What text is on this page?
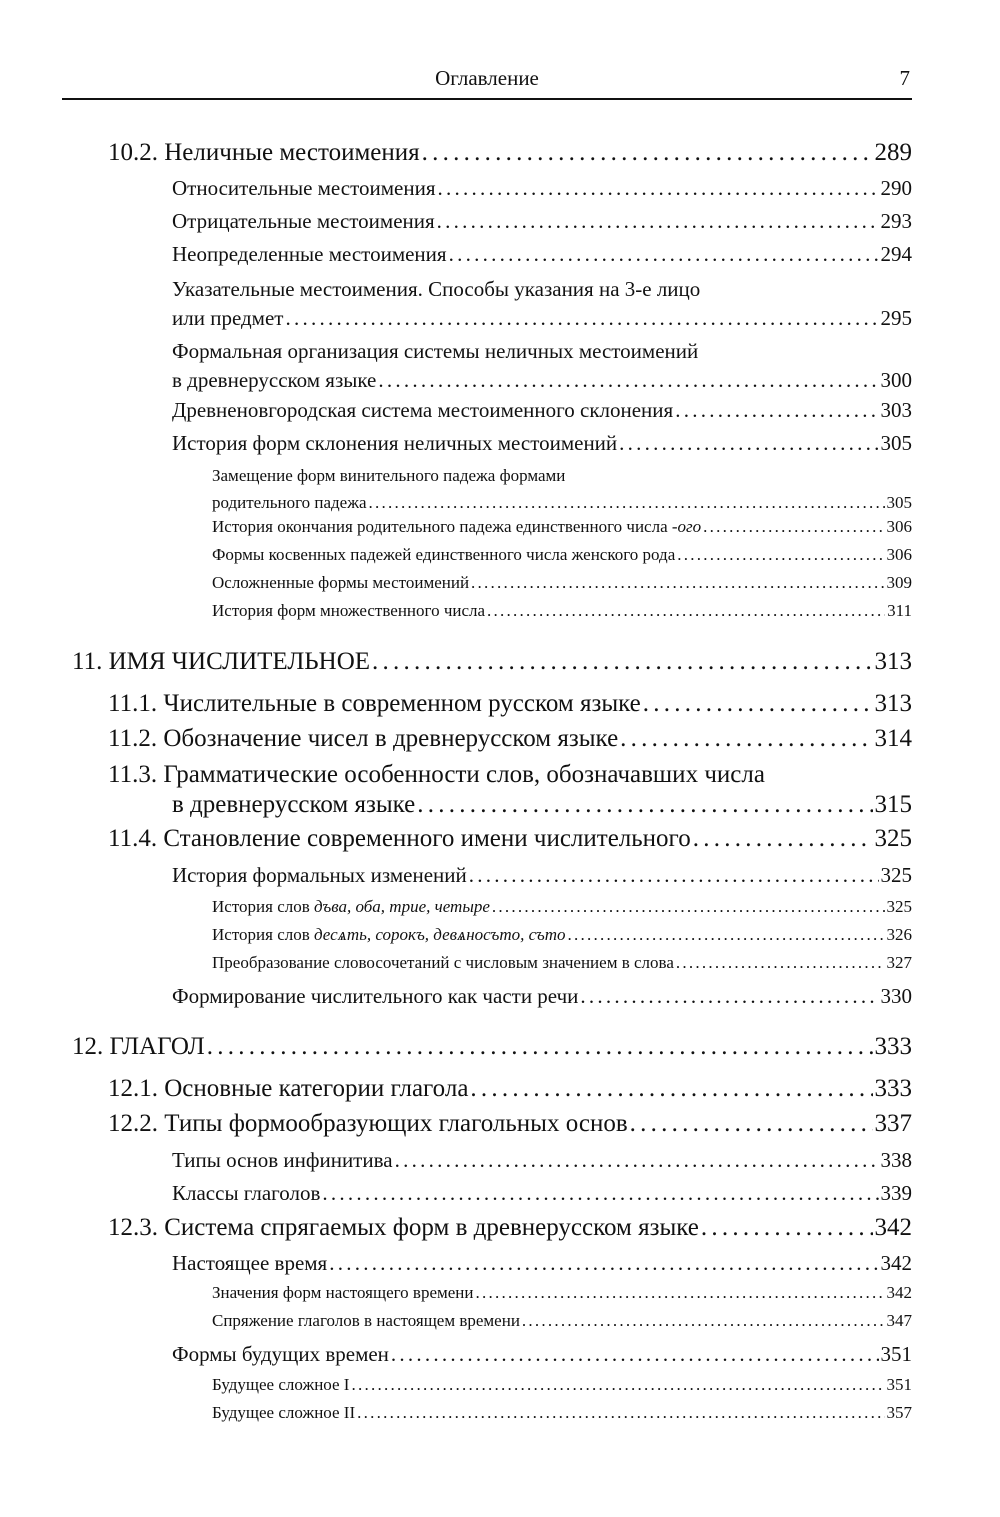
Оглавление	7
10.2. Неличные местоимения . . .	289
Относительные местоимения . . .	290
Отрицательные местоимения . . .	293
Неопределенные местоимения . . .	294
Указательные местоимения. Способы указания на 3-е лицо
или предмет . . .	295
Формальная организация системы неличных местоимений
в древнерусском языке . . .	300
Древненовгородская система местоименного склонения . . .	303
История форм склонения неличных местоимений . . .	305
Замещение форм винительного падежа формами
родительного падежа . . .	305
История окончания родительного падежа единственного числа -ого . . .	306
Формы косвенных падежей единственного числа женского рода . . .	306
Осложненные формы местоимений . . .	309
История форм множественного числа . . .	311
11. ИМЯ ЧИСЛИТЕЛЬНОЕ . . .	313
11.1. Числительные в современном русском языке . . .	313
11.2. Обозначение чисел в древнерусском языке . . .	314
11.3. Грамматические особенности слов, обозначавших числа
в древнерусском языке . . .	315
11.4. Становление современного имени числительного . . .	325
История формальных изменений . . .	325
История слов дъва, оба, трие, четыре . . .	325
История слов десѧть, сорокъ, девѧносъто, съто . . .	326
Преобразование словосочетаний с числовым значением в слова . . .	327
Формирование числительного как части речи . . .	330
12. ГЛАГОЛ . . .	333
12.1. Основные категории глагола . . .	333
12.2. Типы формообразующих глагольных основ . . .	337
Типы основ инфинитива . . .	338
Классы глаголов . . .	339
12.3. Система спрягаемых форм в древнерусском языке . . .	342
Настоящее время . . .	342
Значения форм настоящего времени . . .	342
Спряжение глаголов в настоящем времени . . .	347
Формы будущих времен . . .	351
Будущее сложное I . . .	351
Будущее сложное II . . .	357
